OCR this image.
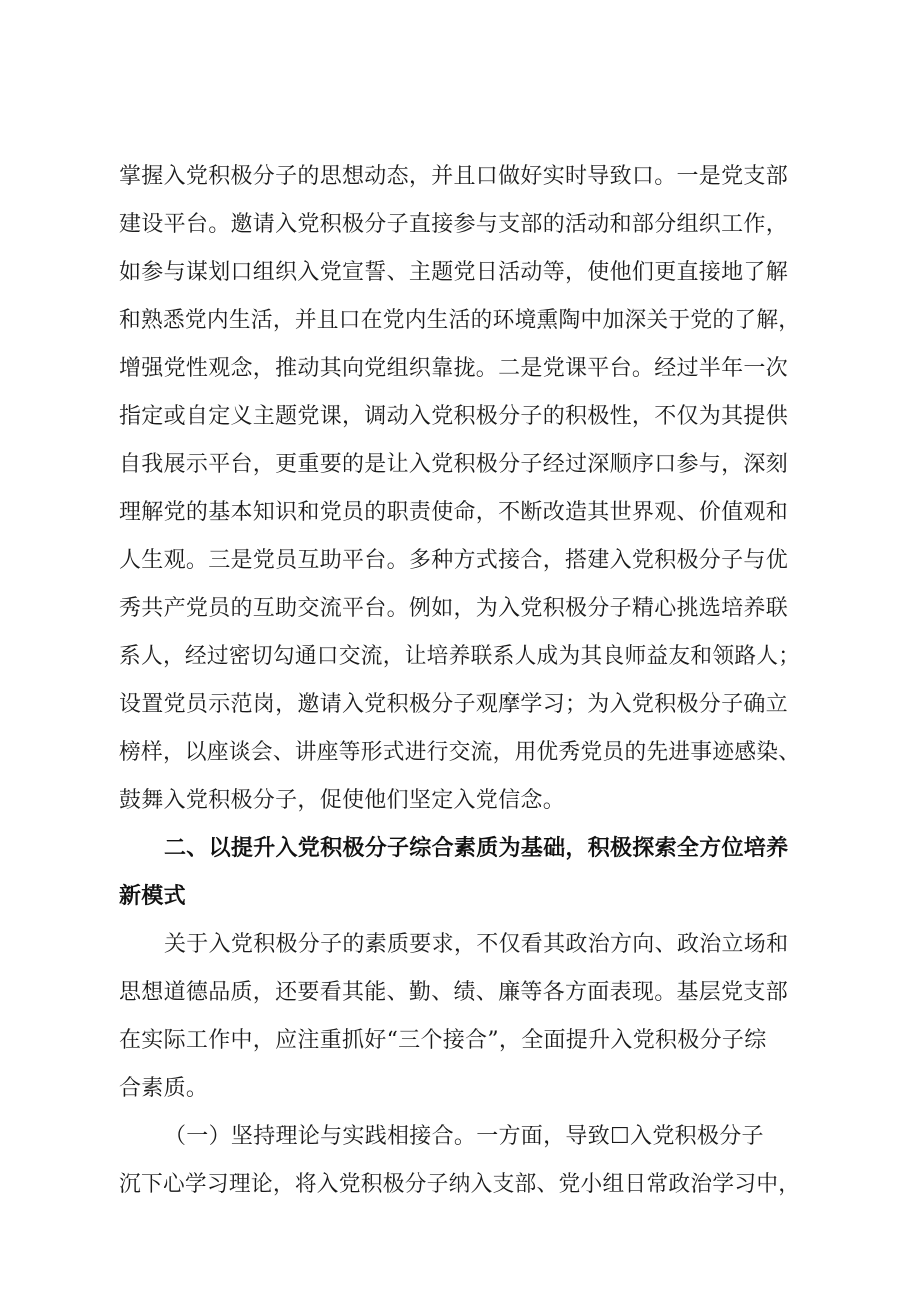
掌握入党积极分子的思想动态，并且口做好实时导致口。一是党支部
建设平台。邀请入党积极分子直接参与支部的活动和部分组织工作，
如参与谋划口组织入党宣誓、主题党日活动等，使他们更直接地了解
和熟悉党内生活，并且口在党内生活的环境熏陶中加深关于党的了解，
增强党性观念，推动其向党组织靠拢。二是党课平台。经过半年一次
指定或自定义主题党课，调动入党积极分子的积极性，不仅为其提供
自我展示平台，更重要的是让入党积极分子经过深顺序口参与，深刻
理解党的基本知识和党员的职责使命，不断改造其世界观、价值观和
人生观。三是党员互助平台。多种方式接合，搭建入党积极分子与优
秀共产党员的互助交流平台。例如，为入党积极分子精心挑选培养联
系人，经过密切勾通口交流，让培养联系人成为其良师益友和领路人；
设置党员示范岗，邀请入党积极分子观摩学习；为入党积极分子确立
榜样，以座谈会、讲座等形式进行交流，用优秀党员的先进事迹感染、
鼓舞入党积极分子，促使他们坚定入党信念。
二、以提升入党积极分子综合素质为基础，积极探索全方位培养
新模式
关于入党积极分子的素质要求，不仅看其政治方向、政治立场和
思想道德品质，还要看其能、勤、绩、廉等各方面表现。基层党支部
在实际工作中，应注重抓好“三个接合”，全面提升入党积极分子综
合素质。
（一）坚持理论与实践相接合。一方面，导致☐入党积极分子
沉下心学习理论，将入党积极分子纳入支部、党小组日常政治学习中，
